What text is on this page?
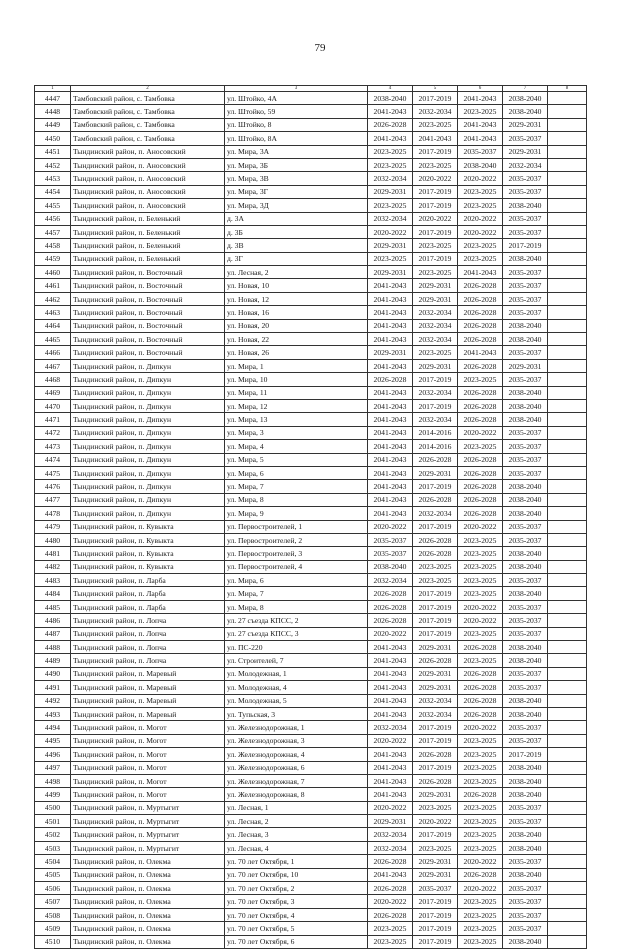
79
1	2	3	4	5	6	7	8
4447	Тамбовский район, с. Тамбовка	ул. Штойко, 4А	2038-2040	2017-2019	2041-2043	2038-2040	
4448	Тамбовский район, с. Тамбовка	ул. Штойко, 59	2041-2043	2032-2034	2023-2025	2038-2040	
4449	Тамбовский район, с. Тамбовка	ул. Штойко, 8	2026-2028	2023-2025	2041-2043	2029-2031	
4450	Тамбовский район, с. Тамбовка	ул. Штойко, 8А	2041-2043	2041-2043	2041-2043	2035-2037	
4451	Тындинский район, п. Аносовский	ул. Мира, 3А	2023-2025	2017-2019	2035-2037	2029-2031	
4452	Тындинский район, п. Аносовский	ул. Мира, 3Б	2023-2025	2023-2025	2038-2040	2032-2034	
4453	Тындинский район, п. Аносовский	ул. Мира, 3В	2032-2034	2020-2022	2020-2022	2035-2037	
4454	Тындинский район, п. Аносовский	ул. Мира, 3Г	2029-2031	2017-2019	2023-2025	2035-2037	
4455	Тындинский район, п. Аносовский	ул. Мира, 3Д	2023-2025	2017-2019	2023-2025	2038-2040	
4456	Тындинский район, п. Беленький	д. 3А	2032-2034	2020-2022	2020-2022	2035-2037	
4457	Тындинский район, п. Беленький	д. 3Б	2020-2022	2017-2019	2020-2022	2035-2037	
4458	Тындинский район, п. Беленький	д. 3В	2029-2031	2023-2025	2023-2025	2017-2019	
4459	Тындинский район, п. Беленький	д. 3Г	2023-2025	2017-2019	2023-2025	2038-2040	
4460	Тындинский район, п. Восточный	ул. Лесная, 2	2029-2031	2023-2025	2041-2043	2035-2037	
4461	Тындинский район, п. Восточный	ул. Новая, 10	2041-2043	2029-2031	2026-2028	2035-2037	
4462	Тындинский район, п. Восточный	ул. Новая, 12	2041-2043	2029-2031	2026-2028	2035-2037	
4463	Тындинский район, п. Восточный	ул. Новая, 16	2041-2043	2032-2034	2026-2028	2035-2037	
4464	Тындинский район, п. Восточный	ул. Новая, 20	2041-2043	2032-2034	2026-2028	2038-2040	
4465	Тындинский район, п. Восточный	ул. Новая, 22	2041-2043	2032-2034	2026-2028	2038-2040	
4466	Тындинский район, п. Восточный	ул. Новая, 26	2029-2031	2023-2025	2041-2043	2035-2037	
4467	Тындинский район, п. Дипкун	ул. Мира, 1	2041-2043	2029-2031	2026-2028	2029-2031	
4468	Тындинский район, п. Дипкун	ул. Мира, 10	2026-2028	2017-2019	2023-2025	2035-2037	
4469	Тындинский район, п. Дипкун	ул. Мира, 11	2041-2043	2032-2034	2026-2028	2038-2040	
4470	Тындинский район, п. Дипкун	ул. Мира, 12	2041-2043	2017-2019	2026-2028	2038-2040	
4471	Тындинский район, п. Дипкун	ул. Мира, 13	2041-2043	2032-2034	2026-2028	2038-2040	
4472	Тындинский район, п. Дипкун	ул. Мира, 3	2041-2043	2014-2016	2020-2022	2035-2037	
4473	Тындинский район, п. Дипкун	ул. Мира, 4	2041-2043	2014-2016	2023-2025	2035-2037	
4474	Тындинский район, п. Дипкун	ул. Мира, 5	2041-2043	2026-2028	2026-2028	2035-2037	
4475	Тындинский район, п. Дипкун	ул. Мира, 6	2041-2043	2029-2031	2026-2028	2035-2037	
4476	Тындинский район, п. Дипкун	ул. Мира, 7	2041-2043	2017-2019	2026-2028	2038-2040	
4477	Тындинский район, п. Дипкун	ул. Мира, 8	2041-2043	2026-2028	2026-2028	2038-2040	
4478	Тындинский район, п. Дипкун	ул. Мира, 9	2041-2043	2032-2034	2026-2028	2038-2040	
4479	Тындинский район, п. Кувыкта	ул. Первостроителей, 1	2020-2022	2017-2019	2020-2022	2035-2037	
4480	Тындинский район, п. Кувыкта	ул. Первостроителей, 2	2035-2037	2026-2028	2023-2025	2035-2037	
4481	Тындинский район, п. Кувыкта	ул. Первостроителей, 3	2035-2037	2026-2028	2023-2025	2038-2040	
4482	Тындинский район, п. Кувыкта	ул. Первостроителей, 4	2038-2040	2023-2025	2023-2025	2038-2040	
4483	Тындинский район, п. Ларба	ул. Мира, 6	2032-2034	2023-2025	2023-2025	2035-2037	
4484	Тындинский район, п. Ларба	ул. Мира, 7	2026-2028	2017-2019	2023-2025	2038-2040	
4485	Тындинский район, п. Ларба	ул. Мира, 8	2026-2028	2017-2019	2020-2022	2035-2037	
4486	Тындинский район, п. Лопча	ул. 27 съезда КПСС, 2	2026-2028	2017-2019	2020-2022	2035-2037	
4487	Тындинский район, п. Лопча	ул. 27 съезда КПСС, 3	2020-2022	2017-2019	2023-2025	2035-2037	
4488	Тындинский район, п. Лопча	ул. ПС-220	2041-2043	2029-2031	2026-2028	2038-2040	
4489	Тындинский район, п. Лопча	ул. Строителей, 7	2041-2043	2026-2028	2023-2025	2038-2040	
4490	Тындинский район, п. Маревый	ул. Молодежная, 1	2041-2043	2029-2031	2026-2028	2035-2037	
4491	Тындинский район, п. Маревый	ул. Молодежная, 4	2041-2043	2029-2031	2026-2028	2035-2037	
4492	Тындинский район, п. Маревый	ул. Молодежная, 5	2041-2043	2032-2034	2026-2028	2038-2040	
4493	Тындинский район, п. Маревый	ул. Тупьская, 3	2041-2043	2032-2034	2026-2028	2038-2040	
4494	Тындинский район, п. Могот	ул. Железнодорожная, 1	2032-2034	2017-2019	2020-2022	2035-2037	
4495	Тындинский район, п. Могот	ул. Железнодорожная, 3	2020-2022	2017-2019	2023-2025	2035-2037	
4496	Тындинский район, п. Могот	ул. Железнодорожная, 4	2041-2043	2026-2028	2023-2025	2017-2019	
4497	Тындинский район, п. Могот	ул. Железнодорожная, 6	2041-2043	2017-2019	2023-2025	2038-2040	
4498	Тындинский район, п. Могот	ул. Железнодорожная, 7	2041-2043	2026-2028	2023-2025	2038-2040	
4499	Тындинский район, п. Могот	ул. Железнодорожная, 8	2041-2043	2029-2031	2026-2028	2038-2040	
4500	Тындинский район, п. Муртыгит	ул. Лесная, 1	2020-2022	2023-2025	2023-2025	2035-2037	
4501	Тындинский район, п. Муртыгит	ул. Лесная, 2	2029-2031	2020-2022	2023-2025	2035-2037	
4502	Тындинский район, п. Муртыгит	ул. Лесная, 3	2032-2034	2017-2019	2023-2025	2038-2040	
4503	Тындинский район, п. Муртыгит	ул. Лесная, 4	2032-2034	2023-2025	2023-2025	2038-2040	
4504	Тындинский район, п. Олекма	ул. 70 лет Октября, 1	2026-2028	2029-2031	2020-2022	2035-2037	
4505	Тындинский район, п. Олекма	ул. 70 лет Октября, 10	2041-2043	2029-2031	2026-2028	2038-2040	
4506	Тындинский район, п. Олекма	ул. 70 лет Октября, 2	2026-2028	2035-2037	2020-2022	2035-2037	
4507	Тындинский район, п. Олекма	ул. 70 лет Октября, 3	2020-2022	2017-2019	2023-2025	2035-2037	
4508	Тындинский район, п. Олекма	ул. 70 лет Октября, 4	2026-2028	2017-2019	2023-2025	2035-2037	
4509	Тындинский район, п. Олекма	ул. 70 лет Октября, 5	2023-2025	2017-2019	2023-2025	2035-2037	
4510	Тындинский район, п. Олекма	ул. 70 лет Октября, 6	2023-2025	2017-2019	2023-2025	2038-2040	
